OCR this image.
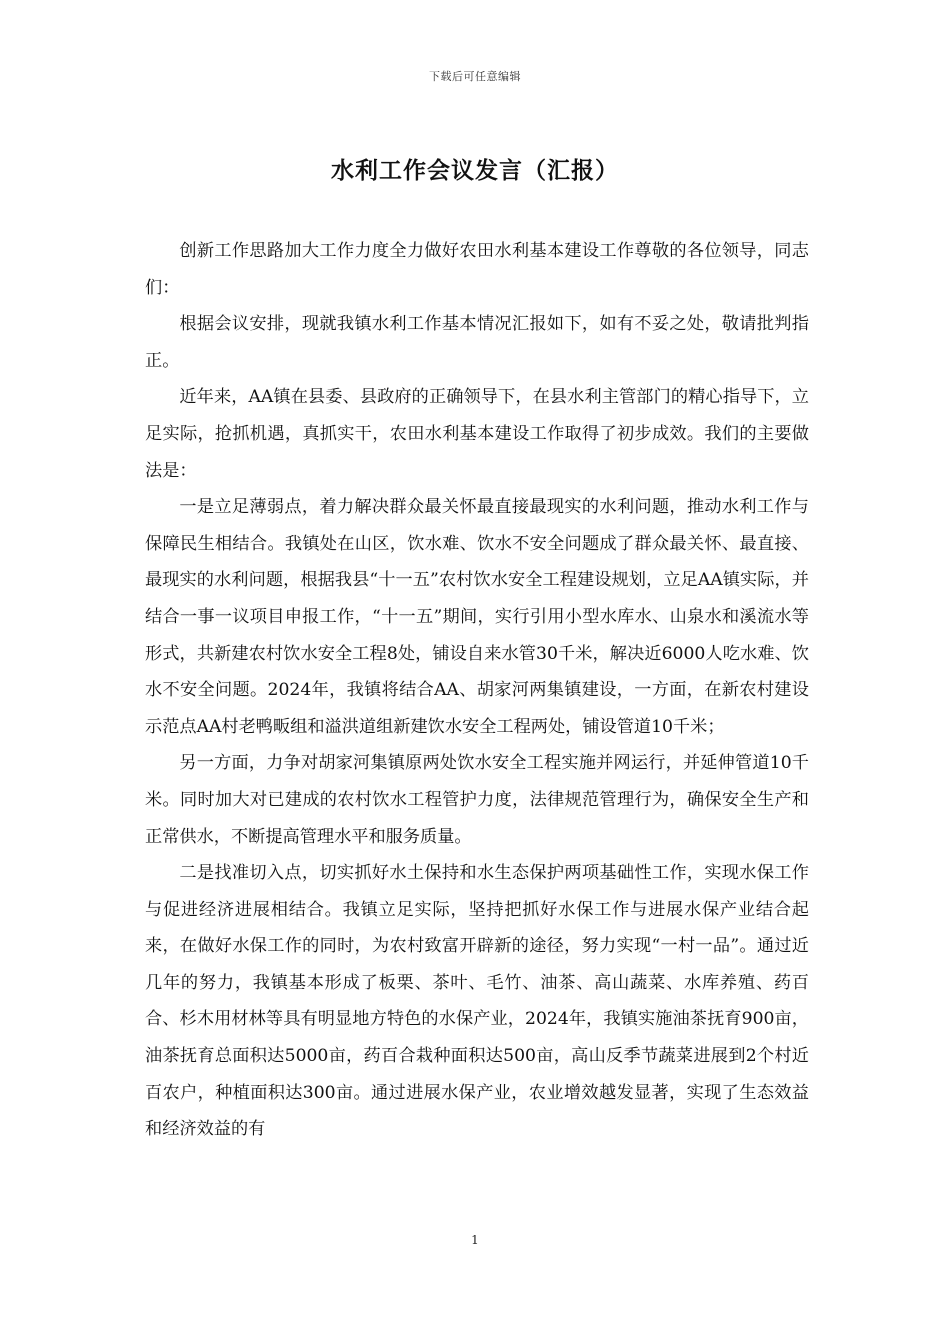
下载后可任意编辑
水利工作会议发言（汇报）

创新工作思路加大工作力度全力做好农田水利基本建设工作尊敬的各位领导，同志们：

根据会议安排，现就我镇水利工作基本情况汇报如下，如有不妥之处，敬请批判指正。

近年来，AA镇在县委、县政府的正确领导下，在县水利主管部门的精心指导下，立足实际，抢抓机遇，真抓实干，农田水利基本建设工作取得了初步成效。我们的主要做法是：

一是立足薄弱点，着力解决群众最关怀最直接最现实的水利问题，推动水利工作与保障民生相结合。我镇处在山区，饮水难、饮水不安全问题成了群众最关怀、最直接、最现实的水利问题，根据我县“十一五”农村饮水安全工程建设规划，立足AA镇实际，并结合一事一议项目申报工作，“十一五”期间，实行引用小型水库水、山泉水和溪流水等形式，共新建农村饮水安全工程8处，铺设自来水管30千米，解决近6000人吃水难、饮水不安全问题。2024年，我镇将结合AA、胡家河两集镇建设，一方面，在新农村建设示范点AA村老鸭畈组和溢洪道组新建饮水安全工程两处，铺设管道10千米；

另一方面，力争对胡家河集镇原两处饮水安全工程实施并网运行，并延伸管道10千米。同时加大对已建成的农村饮水工程管护力度，法律规范管理行为，确保安全生产和正常供水，不断提高管理水平和服务质量。

二是找准切入点，切实抓好水土保持和水生态保护两项基础性工作，实现水保工作与促进经济进展相结合。我镇立足实际，坚持把抓好水保工作与进展水保产业结合起来，在做好水保工作的同时，为农村致富开辟新的途径，努力实现“一村一品”。通过近几年的努力，我镇基本形成了板栗、茶叶、毛竹、油茶、高山蔬菜、水库养殖、药百合、杉木用材林等具有明显地方特色的水保产业，2024年，我镇实施油茶抚育900亩，油茶抚育总面积达5000亩，药百合栽种面积达500亩，高山反季节蔬菜进展到2个村近百农户，种植面积达300亩。通过进展水保产业，农业增效越发显著，实现了生态效益和经济效益的有

1
